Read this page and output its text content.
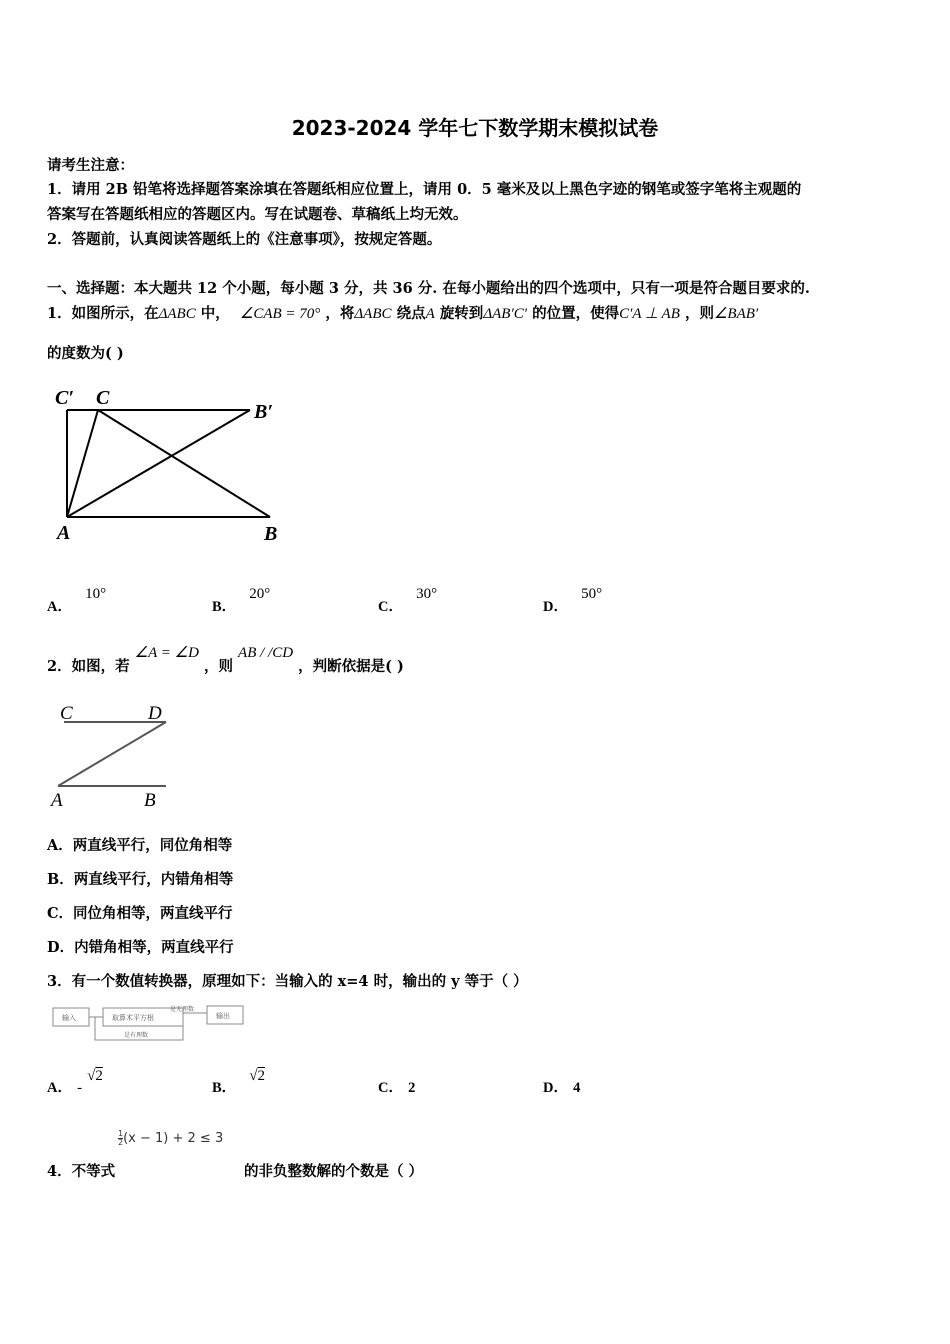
2023-2024 学年七下数学期末模拟试卷
请考生注意：
1．请用 2B 铅笔将选择题答案涂填在答题纸相应位置上，请用 0．5 毫米及以上黑色字迹的钢笔或签字笔将主观题的
答案写在答题纸相应的答题区内。写在试题卷、草稿纸上均无效。
2．答题前，认真阅读答题纸上的《注意事项》，按规定答题。
一、选择题：本大题共 12 个小题，每小题 3 分，共 36 分. 在每小题给出的四个选项中，只有一项是符合题目要求的.
1．如图所示，在ΔABC 中， ∠CAB = 70° ，将ΔABC 绕点A 旋转到ΔAB′C′ 的位置，使得C′A ⊥ AB ，则∠BAB′
的度数为( )
C′ C
B′
A	B
A． 10°
B． 20°
C． 30°
D． 50°
2．如图，若 ∠A = ∠D ，则 AB / /CD ，判断依据是( )
C	D
A	B
A．两直线平行，同位角相等
B．两直线平行，内错角相等
C．同位角相等，两直线平行
D．内错角相等，两直线平行
3．有一个数值转换器，原理如下：当输入的 x=4 时，输出的 y 等于（ ）
输入	取算术平方根
是无理数
输出
是有理数
A． - √2
B． √2
C． 2	D． 4
4．不等式
$\frac{1}{2} (x - 1) + 2 \le 3$
的非负整数解的个数是（ ）
